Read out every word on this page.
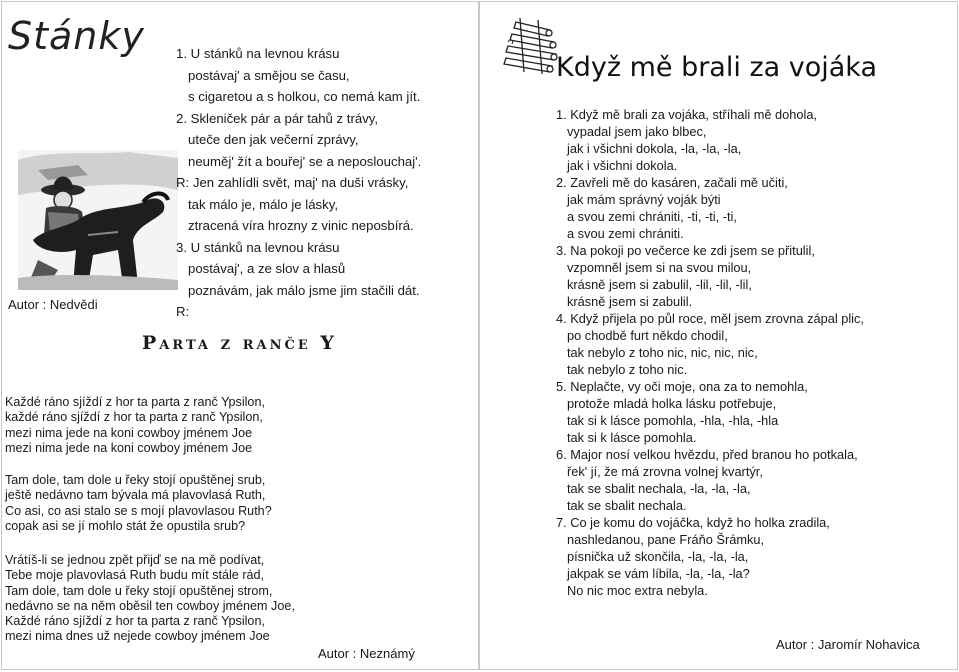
Stánky 1. U stánků na levnou krásu
postávaj' a smějou se času,
s cigaretou a s holkou, co nemá kam jít.
2. Skleniček pár a pár tahů z trávy,
uteče den jak večerní zprávy,
neuměj' žít a bouřej' se a neposlouchaj'.
R: Jen zahlídli svět, maj' na duši vrásky,
tak málo je, málo je lásky,
ztracená víra hrozny z vinic neposbírá.
3. U stánků na levnou krásu
postávaj', a ze slov a hlasů
poznávám, jak málo jsme jim stačili dát.
R:
Autor : Nedvědi
Parta z ranče Y
Každé ráno sjíždí z hor ta parta z ranč Ypsilon,
každé ráno sjíždí z hor ta parta z ranč Ypsilon,
mezi nima jede na koni cowboy jménem Joe
mezi nima jede na koni cowboy jménem Joe
Tam dole, tam dole u řeky stojí opuštěnej srub,
ještě nedávno tam bývala má plavovlasá Ruth,
Co asi, co asi stalo se s mojí plavovlasou Ruth?
copak asi se jí mohlo stát že opustila srub?
Vrátíš-li se jednou zpět přijď se na mě podívat,
Tebe moje plavovlasá Ruth budu mít stále rád,
Tam dole, tam dole u řeky stojí opuštěnej strom,
nedávno se na něm oběsil ten cowboy jménem Joe,
Každé ráno sjíždí z hor ta parta z ranč Ypsilon,
mezi nima dnes už nejede cowboy jménem Joe
Autor : Neznámý
Když mě brali za vojáka
1. Když mě brali za vojáka, stříhali mě dohola,
vypadal jsem jako blbec,
jak i všichni dokola, -la, -la, -la,
jak i všichni dokola.
2. Zavřeli mě do kasáren, začali mě učiti,
jak mám správný voják býti
a svou zemi chrániti, -ti, -ti, -ti,
a svou zemi chrániti.
3. Na pokoji po večerce ke zdi jsem se přitulil,
vzpomněl jsem si na svou milou,
krásně jsem si zabulil, -lil, -lil, -lil,
krásně jsem si zabulil.
4. Když přijela po půl roce, měl jsem zrovna zápal plic,
po chodbě furt někdo chodil,
tak nebylo z toho nic, nic, nic, nic,
tak nebylo z toho nic.
5. Neplačte, vy oči moje, ona za to nemohla,
protože mladá holka lásku potřebuje,
tak si k lásce pomohla, -hla, -hla, -hla
tak si k lásce pomohla.
6. Major nosí velkou hvězdu, před branou ho potkala,
řek' jí, že má zrovna volnej kvartýr,
tak se sbalit nechala, -la, -la, -la,
tak se sbalit nechala.
7. Co je komu do vojáčka, když ho holka zradila,
nashledanou, pane Fráňo Šrámku,
písnička už skončila, -la, -la, -la,
jakpak se vám líbila, -la, -la, -la?
No nic moc extra nebyla.
Autor : Jaromír Nohavica
